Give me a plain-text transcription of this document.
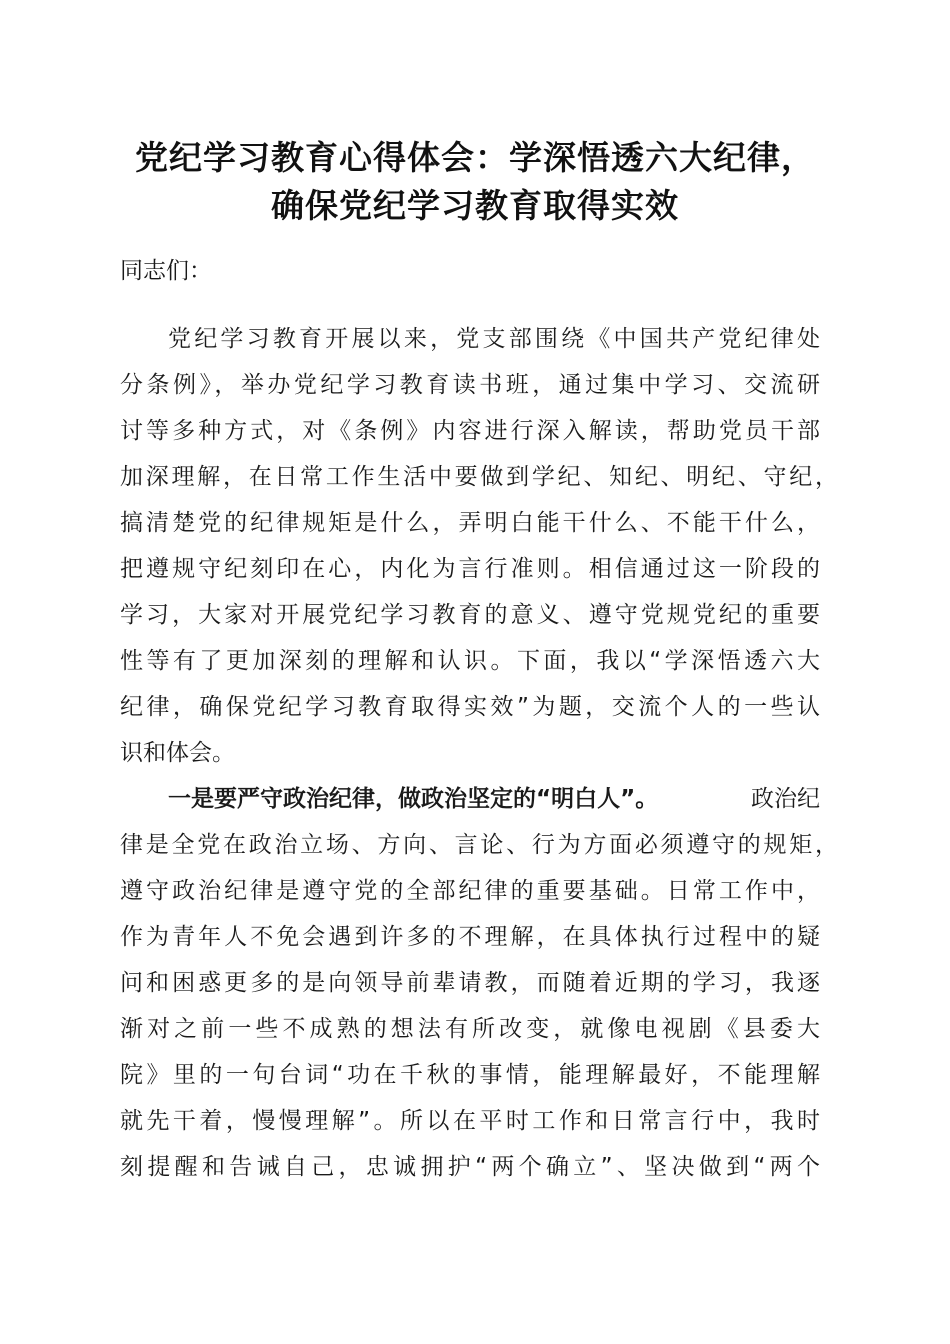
党纪学习教育心得体会：学深悟透六大纪律，
确保党纪学习教育取得实效
同志们：
党纪学习教育开展以来，党支部围绕《中国共产党纪律处
分条例》，举办党纪学习教育读书班，通过集中学习、交流研
讨等多种方式，对《条例》内容进行深入解读，帮助党员干部
加深理解，在日常工作生活中要做到学纪、知纪、明纪、守纪，
搞清楚党的纪律规矩是什么，弄明白能干什么、不能干什么，
把遵规守纪刻印在心，内化为言行准则。相信通过这一阶段的
学习，大家对开展党纪学习教育的意义、遵守党规党纪的重要
性等有了更加深刻的理解和认识。下面，我以“学深悟透六大
纪律，确保党纪学习教育取得实效”为题，交流个人的一些认
识和体会。
一是要严守政治纪律，做政治坚定的“明白人”。	政治纪
律是全党在政治立场、方向、言论、行为方面必须遵守的规矩，
遵守政治纪律是遵守党的全部纪律的重要基础。日常工作中，
作为青年人不免会遇到许多的不理解，在具体执行过程中的疑
问和困惑更多的是向领导前辈请教，而随着近期的学习，我逐
渐对之前一些不成熟的想法有所改变，就像电视剧《县委大
院》里的一句台词“功在千秋的事情，能理解最好，不能理解
就先干着，慢慢理解”。所以在平时工作和日常言行中，我时
刻提醒和告诫自己，忠诚拥护“两个确立”、坚决做到“两个
